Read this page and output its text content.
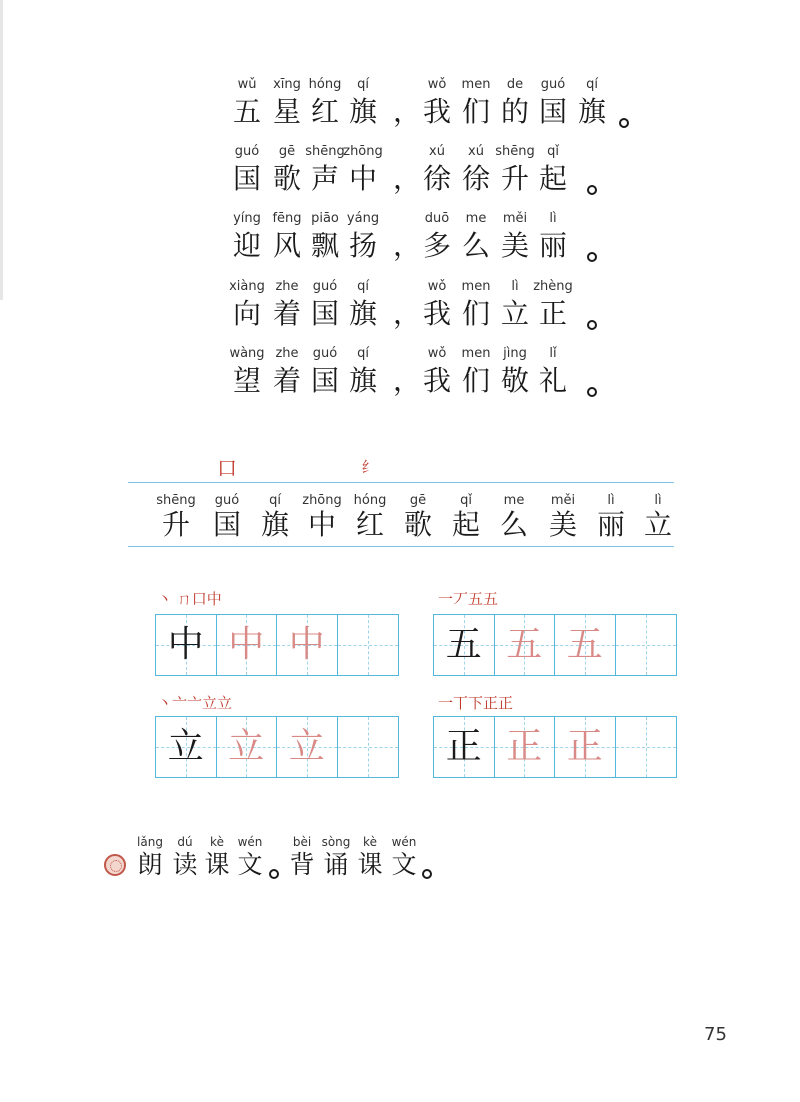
五
wǔ
星
xīng
红
hóng
旗
qí
， 我
wǒ
们
men
的
de
国
guó
旗
qí
国
guó
歌
gē
声
shēng
中
zhōng
， 徐
xú
徐
xú
升
shēng
起
qǐ
迎
yíng
风
fēng
飘
piāo
扬
yáng
， 多
duō
么
me
美
měi
丽
lì
向
xiàng
着
zhe
国
guó
旗
qí
， 我
wǒ
们
men
立
lì
正
zhèng
望
wàng
着
zhe
国
guó
旗
qí
， 我
wǒ
们
men
敬
jìng
礼
lǐ
口	纟
shēng
升
guó
国
qí
旗
zhōng
中
hóng
红
gē
歌
qǐ
起
me
么
měi
美
lì
丽
lì
立
丶 ㄇ口中
中 中 中
一丆五五
五 五 五
丶亠亠立立
立 立 立
一丅下正正
正 正 正
lǎng
朗
dú
读
kè
课
wén
文
bèi
背
sòng
诵
kè
课
wén
文
75
